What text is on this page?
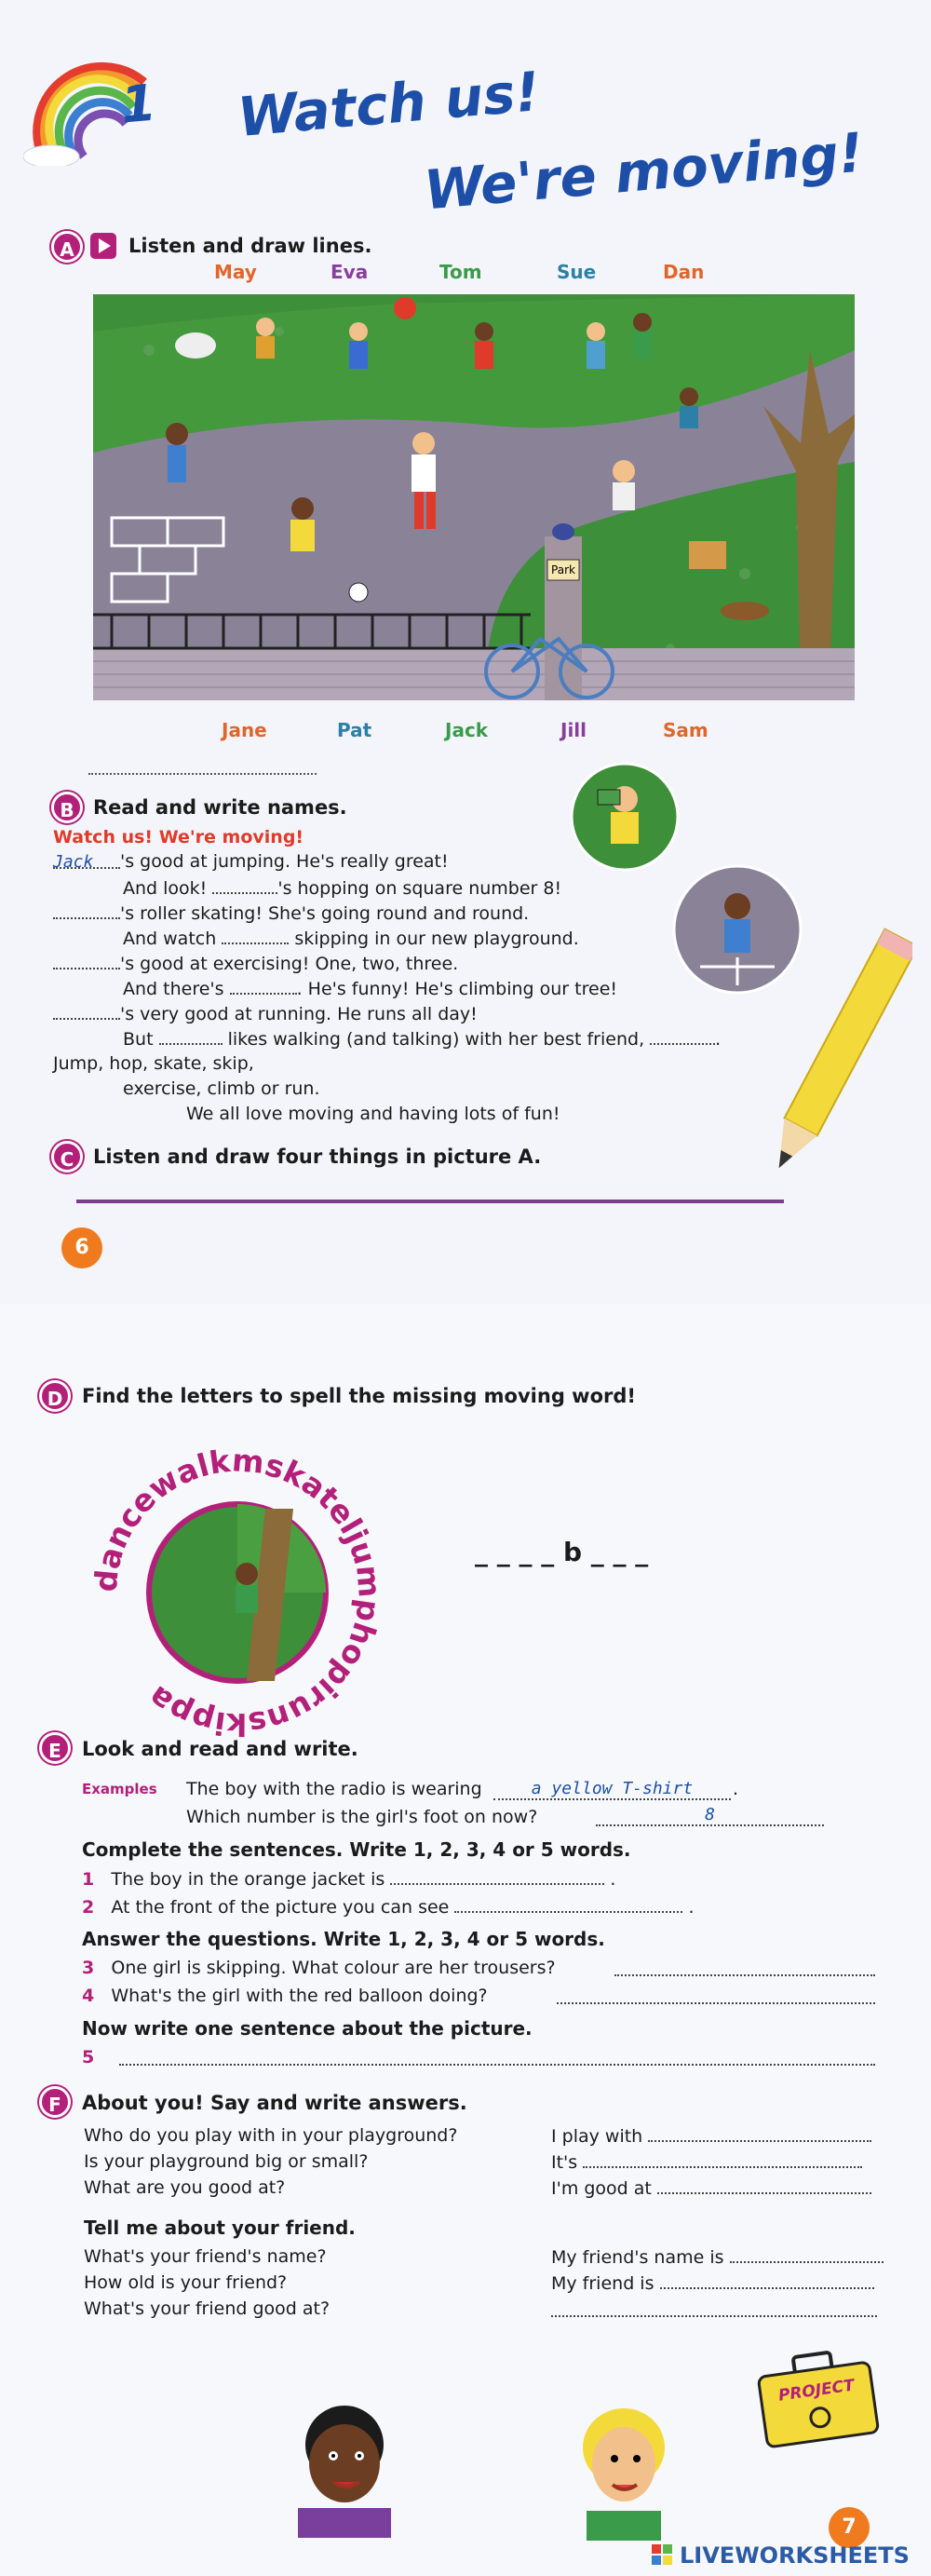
1 Watch us!
We're moving!
A	Listen and draw lines.
May	Eva	Tom	Sue	Dan
Park
Jane	Pat	Jack	Jill	Sam
B Read and write names.
Watch us! We're moving!
Jack 's good at jumping. He's really great!
And look!	's hopping on square number 8!
's roller skating! She's going round and round.
And watch	skipping in our new playground.
's good at exercising! One, two, three.
And there's	. He's funny! He's climbing our tree!
's very good at running. He runs all day!
But	likes walking (and talking) with her best friend,	.
Jump, hop, skate, skip,
exercise, climb or run.
We all love moving and having lots of fun!
C Listen and draw four things in picture A.
6
D Find the letters to spell the missing moving word!
dancewalkmskateljumphopirunskippa
_ _ _ _ b _ _ _
E	Look and read and write.
Examples The boy with the radio is wearing	a yellow T-shirt	.
Which number is the girl's foot on now?	8
Complete the sentences. Write 1, 2, 3, 4 or 5 words.
1 The boy in the orange jacket is	.
2 At the front of the picture you can see	.
Answer the questions. Write 1, 2, 3, 4 or 5 words.
3 One girl is skipping. What colour are her trousers?
4 What's the girl with the red balloon doing?
Now write one sentence about the picture.
5
F	About you! Say and write answers.
Who do you play with in your playground?	I play with
Is your playground big or small?	It's
What are you good at?	I'm good at
Tell me about your friend.
What's your friend's name?	My friend's name is
How old is your friend?	My friend is
What's your friend good at?
PROJECT
7
LIVEWORKSHEETS
